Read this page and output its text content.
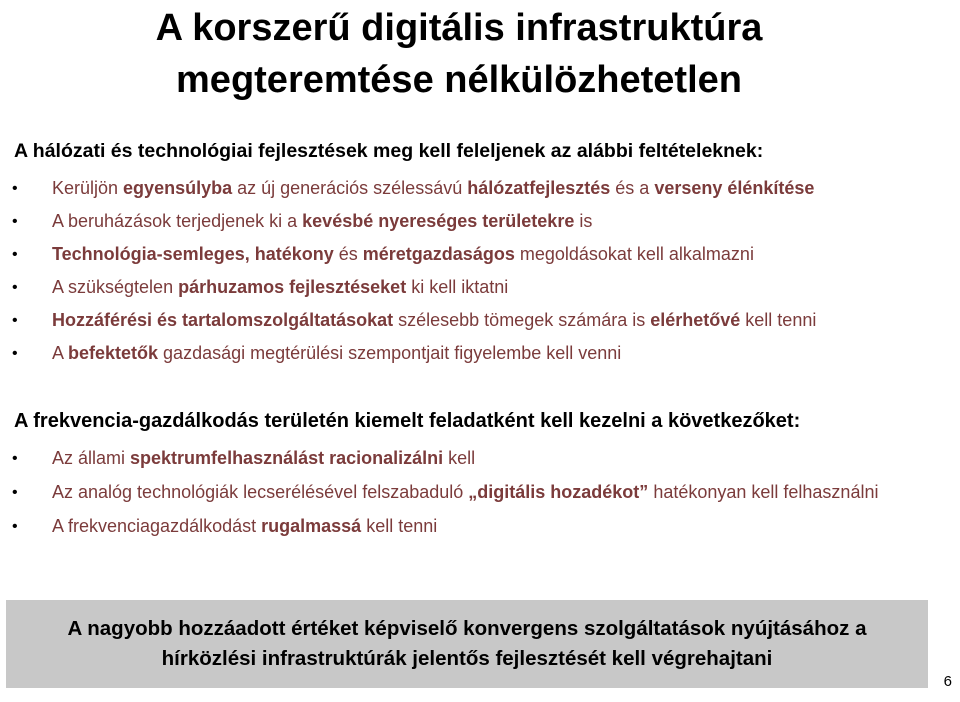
A korszerű digitális infrastruktúra
megteremtése nélkülözhetetlen

A hálózati és technológiai fejlesztések meg kell feleljenek az alábbi feltételeknek:

• Kerüljön egyensúlyba az új generációs szélessávú hálózatfejlesztés és a verseny élénkítése
• A beruházások terjedjenek ki a kevésbé nyereséges területekre is
• Technológia-semleges, hatékony és méretgazdaságos megoldásokat kell alkalmazni
• A szükségtelen párhuzamos fejlesztéseket ki kell iktatni
• Hozzáférési és tartalomszolgáltatásokat szélesebb tömegek számára is elérhetővé kell tenni
• A befektetők gazdasági megtérülési szempontjait figyelembe kell venni

A frekvencia-gazdálkodás területén kiemelt feladatként kell kezelni a következőket:

• Az állami spektrumfelhasználást racionalizálni kell
• Az analóg technológiák lecserélésével felszabaduló „digitális hozadékot” hatékonyan kell felhasználni
• A frekvenciagazdálkodást rugalmassá kell tenni
A nagyobb hozzáadott értéket képviselő konvergens szolgáltatások nyújtásához a
hírközlési infrastruktúrák jelentős fejlesztését kell végrehajtani
6
